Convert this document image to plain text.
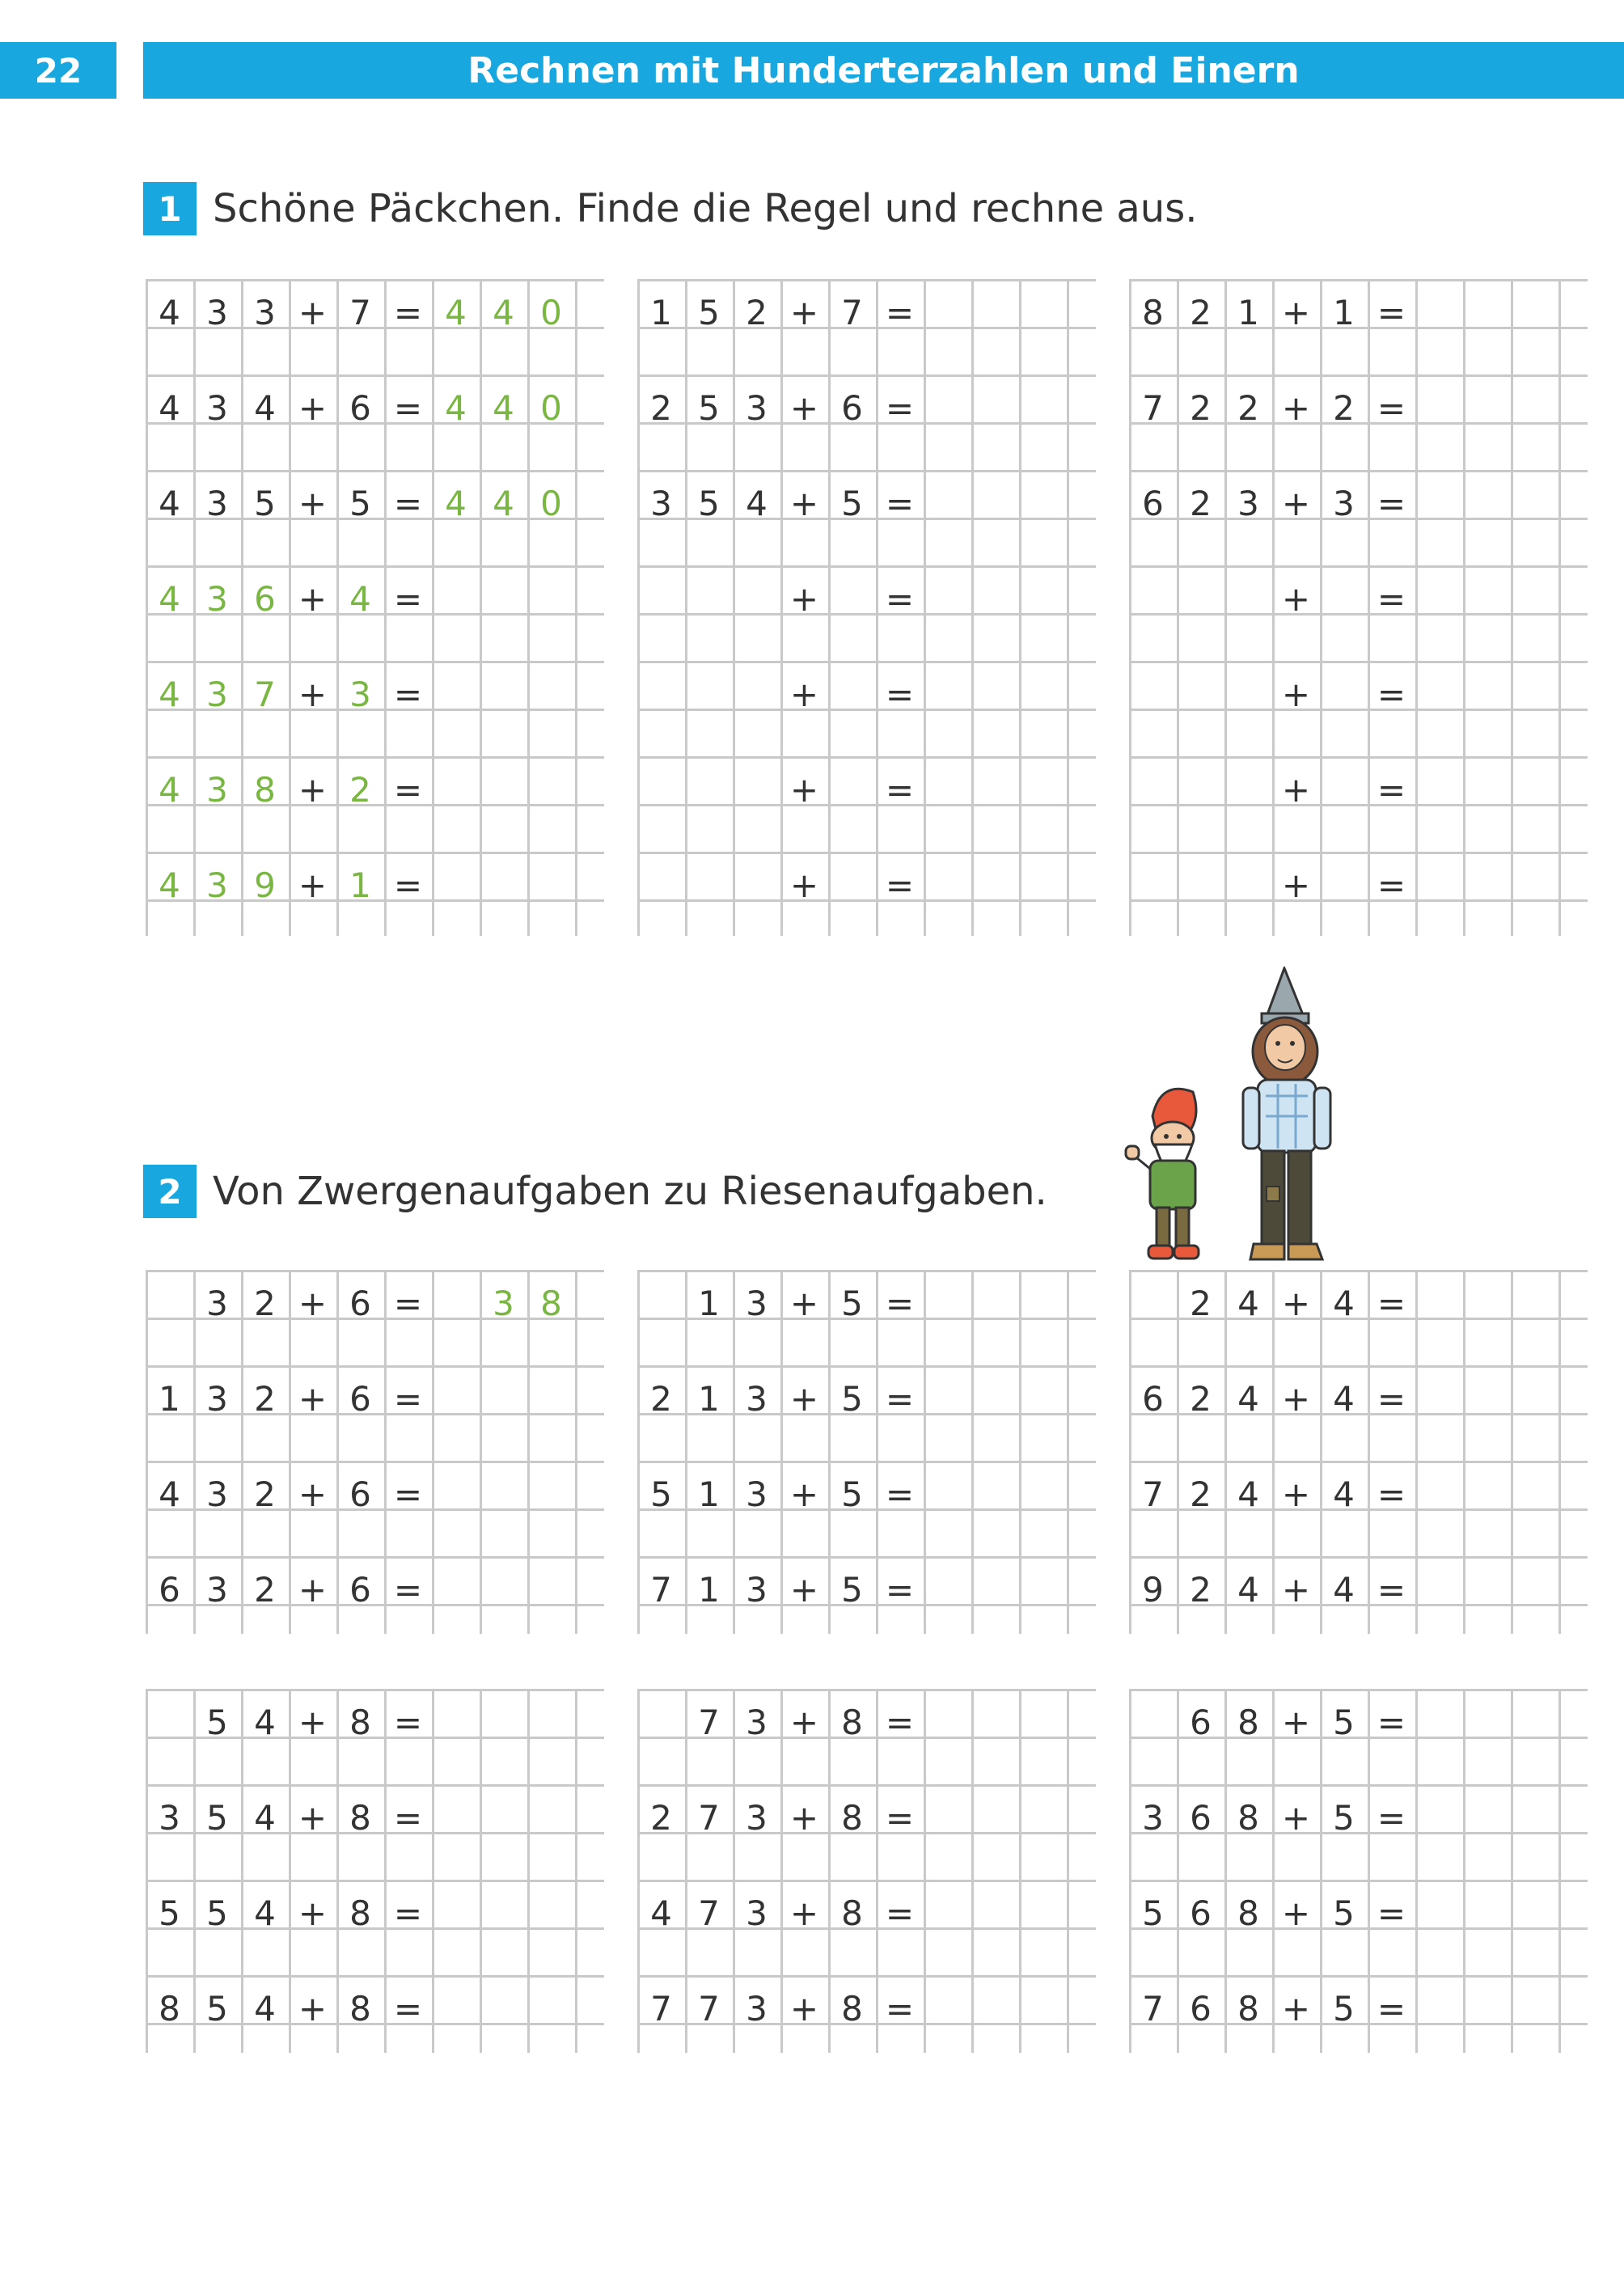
22	Rechnen mit Hunderterzahlen und Einern
1 Schöne Päckchen. Finde die Regel und rechne aus.
2 Von Zwergenaufgaben zu Riesenaufgaben.
4 3 3 + 7 = 4 4 0
4 3 4 + 6 = 4 4 0
4 3 5 + 5 = 4 4 0
4 3 6 + 4 =
4 3 7 + 3 =
4 3 8 + 2 =
4 3 9 + 1 =
1 5 2 + 7 =
2 5 3 + 6 =
3 5 4 + 5 =
+ =
+ =
+ =
+ =
8 2 1 + 1 =
7 2 2 + 2 =
6 2 3 + 3 =
+ =
+ =
+ =
+ =
3 2 + 6 =	3 8
1 3 2 + 6 =
4 3 2 + 6 =
6 3 2 + 6 =
1 3 + 5 =
2 1 3 + 5 =
5 1 3 + 5 =
7 1 3 + 5 =
2 4 + 4 =
6 2 4 + 4 =
7 2 4 + 4 =
9 2 4 + 4 =
5 4 + 8 =
3 5 4 + 8 =
5 5 4 + 8 =
8 5 4 + 8 =
7 3 + 8 =
2 7 3 + 8 =
4 7 3 + 8 =
7 7 3 + 8 =
6 8 + 5 =
3 6 8 + 5 =
5 6 8 + 5 =
7 6 8 + 5 =
